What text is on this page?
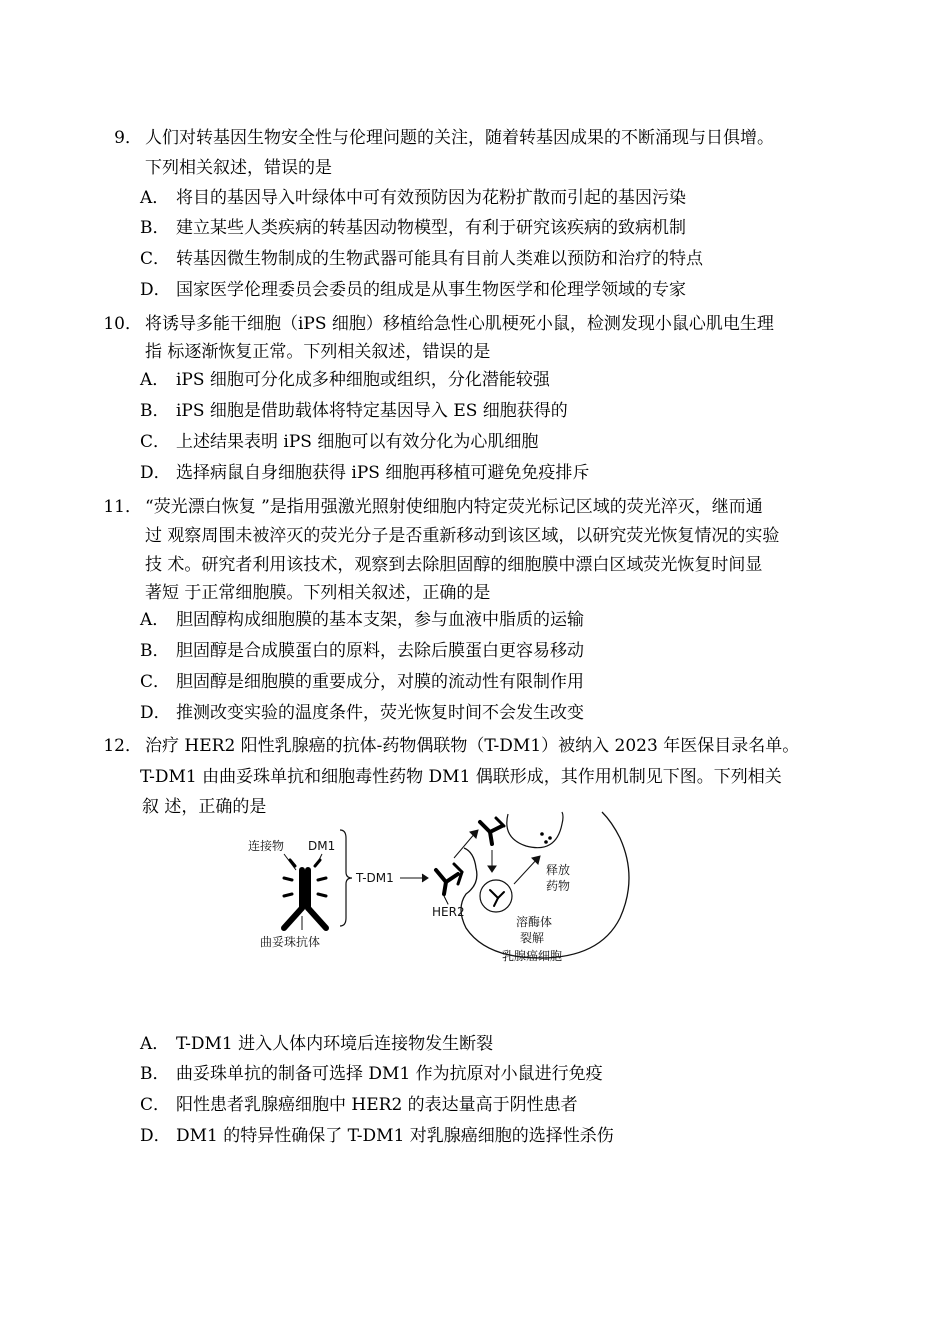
9． 人们对转基因生物安全性与伦理问题的关注，随着转基因成果的不断涌现与日俱增。
下列相关叙述，错误的是
A． 将目的基因导入叶绿体中可有效预防因为花粉扩散而引起的基因污染
B． 建立某些人类疾病的转基因动物模型，有利于研究该疾病的致病机制
C． 转基因微生物制成的生物武器可能具有目前人类难以预防和治疗的特点
D． 国家医学伦理委员会委员的组成是从事生物医学和伦理学领域的专家
10． 将诱导多能干细胞（iPS 细胞）移植给急性心肌梗死小鼠，检测发现小鼠心肌电生理
指 标逐渐恢复正常。下列相关叙述，错误的是
A． iPS 细胞可分化成多种细胞或组织，分化潜能较强
B． iPS 细胞是借助载体将特定基因导入 ES 细胞获得的
C． 上述结果表明 iPS 细胞可以有效分化为心肌细胞
D． 选择病鼠自身细胞获得 iPS 细胞再移植可避免免疫排斥
11． “荧光漂白恢复 ”是指用强激光照射使细胞内特定荧光标记区域的荧光淬灭，继而通
过 观察周围未被淬灭的荧光分子是否重新移动到该区域，以研究荧光恢复情况的实验
技 术。研究者利用该技术，观察到去除胆固醇的细胞膜中漂白区域荧光恢复时间显
著短 于正常细胞膜。下列相关叙述，正确的是
A． 胆固醇构成细胞膜的基本支架，参与血液中脂质的运输
B． 胆固醇是合成膜蛋白的原料，去除后膜蛋白更容易移动
C． 胆固醇是细胞膜的重要成分，对膜的流动性有限制作用
D． 推测改变实验的温度条件，荧光恢复时间不会发生改变
12． 治疗 HER2 阳性乳腺癌的抗体-药物偶联物（T-DM1）被纳入 2023 年医保目录名单。
T-DM1 由曲妥珠单抗和细胞毒性药物 DM1 偶联形成，其作用机制见下图。下列相关
叙 述，正确的是
连接物 DM1
曲妥珠抗体
T-DM1
HER2
释放
药物
溶酶体
裂解
乳腺癌细胞
A． T-DM1 进入人体内环境后连接物发生断裂
B． 曲妥珠单抗的制备可选择 DM1 作为抗原对小鼠进行免疫
C． 阳性患者乳腺癌细胞中 HER2 的表达量高于阴性患者
D． DM1 的特异性确保了 T-DM1 对乳腺癌细胞的选择性杀伤
